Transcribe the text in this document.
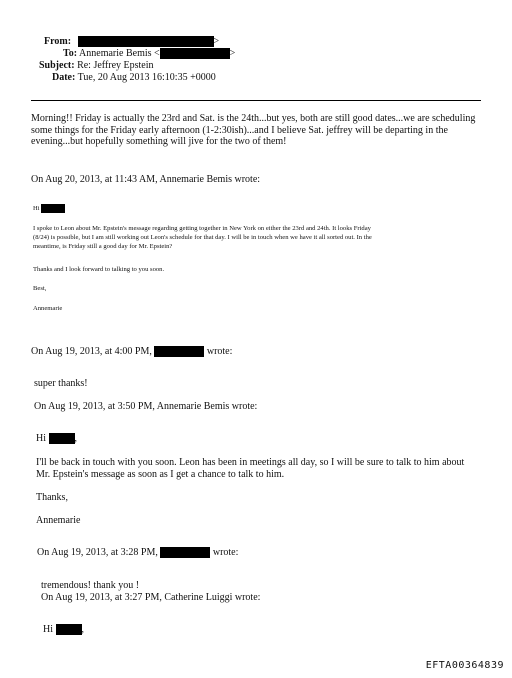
From:	>
To: Annemarie Bemis <	>
Subject: Re: Jeffrey Epstein
Date: Tue, 20 Aug 2013 16:10:35 +0000
Morning!! Friday is actually the 23rd and Sat. is the 24th...but yes, both are still good dates...we are scheduling
some things for the Friday early afternoon (1-2:30ish)...and I believe Sat. jeffrey will be departing in the
evening...but hopefully something will jive for the two of them!
On Aug 20, 2013, at 11:43 AM, Annemarie Bemis wrote:
Hi
I spoke to Leon about Mr. Epstein's message regarding getting together in New York on either the 23rd and 24th. It looks Friday
(8/24) is possible, but I am still working out Leon's schedule for that day. I will be in touch when we have it all sorted out. In the
meantime, is Friday still a good day for Mr. Epstein?
Thanks and I look forward to talking to you soon.
Best,
Annemarie
On Aug 19, 2013, at 4:00 PM,	wrote:
super thanks!
On Aug 19, 2013, at 3:50 PM, Annemarie Bemis wrote:
Hi	,
I'll be back in touch with you soon. Leon has been in meetings all day, so I will be sure to talk to him about
Mr. Epstein's message as soon as I get a chance to talk to him.
Thanks,
Annemarie
On Aug 19, 2013, at 3:28 PM,	wrote:
tremendous! thank you !
On Aug 19, 2013, at 3:27 PM, Catherine Luiggi wrote:
Hi	,
EFTA00364839
